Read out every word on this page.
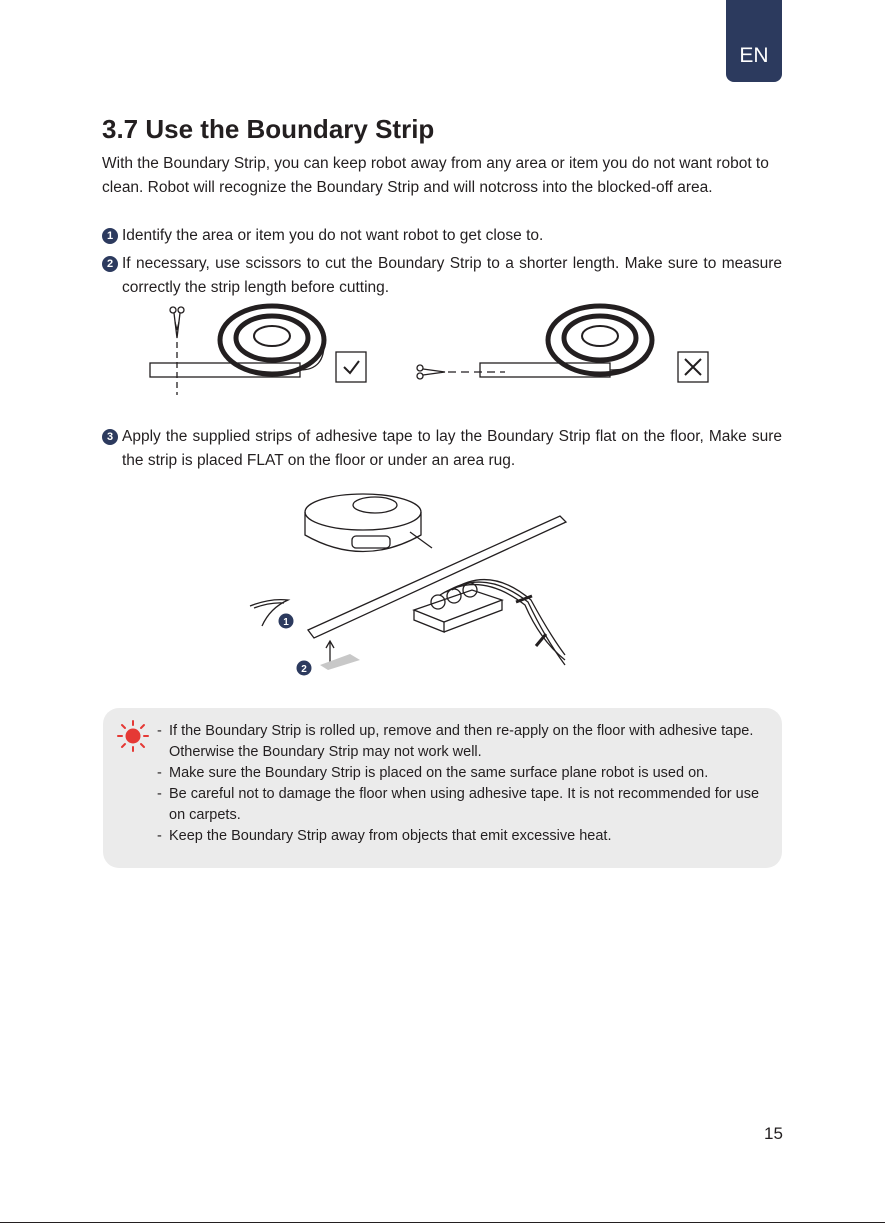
EN
3.7 Use the Boundary Strip

With the Boundary Strip, you can keep robot away from any area or item you do not want robot to clean. Robot will recognize the Boundary Strip and will notcross into the blocked-off area.

1 Identify the area or item you do not want robot to get close to.
2 If necessary, use scissors to cut the Boundary Strip to a shorter length. Make sure to measure correctly the strip length before cutting.
3 Apply the supplied strips of adhesive tape to lay the Boundary Strip flat on the floor, Make sure the strip is placed FLAT on the floor or under an area rug.
1
2
- If the Boundary Strip is rolled up, remove and then re-apply on the floor with adhesive tape. Otherwise the Boundary Strip may not work well.
- Make sure the Boundary Strip is placed on the same surface plane robot is used on.
- Be careful not to damage the floor when using adhesive tape. It is not recommended for use on carpets.
- Keep the Boundary Strip away from objects that emit excessive heat.
15
